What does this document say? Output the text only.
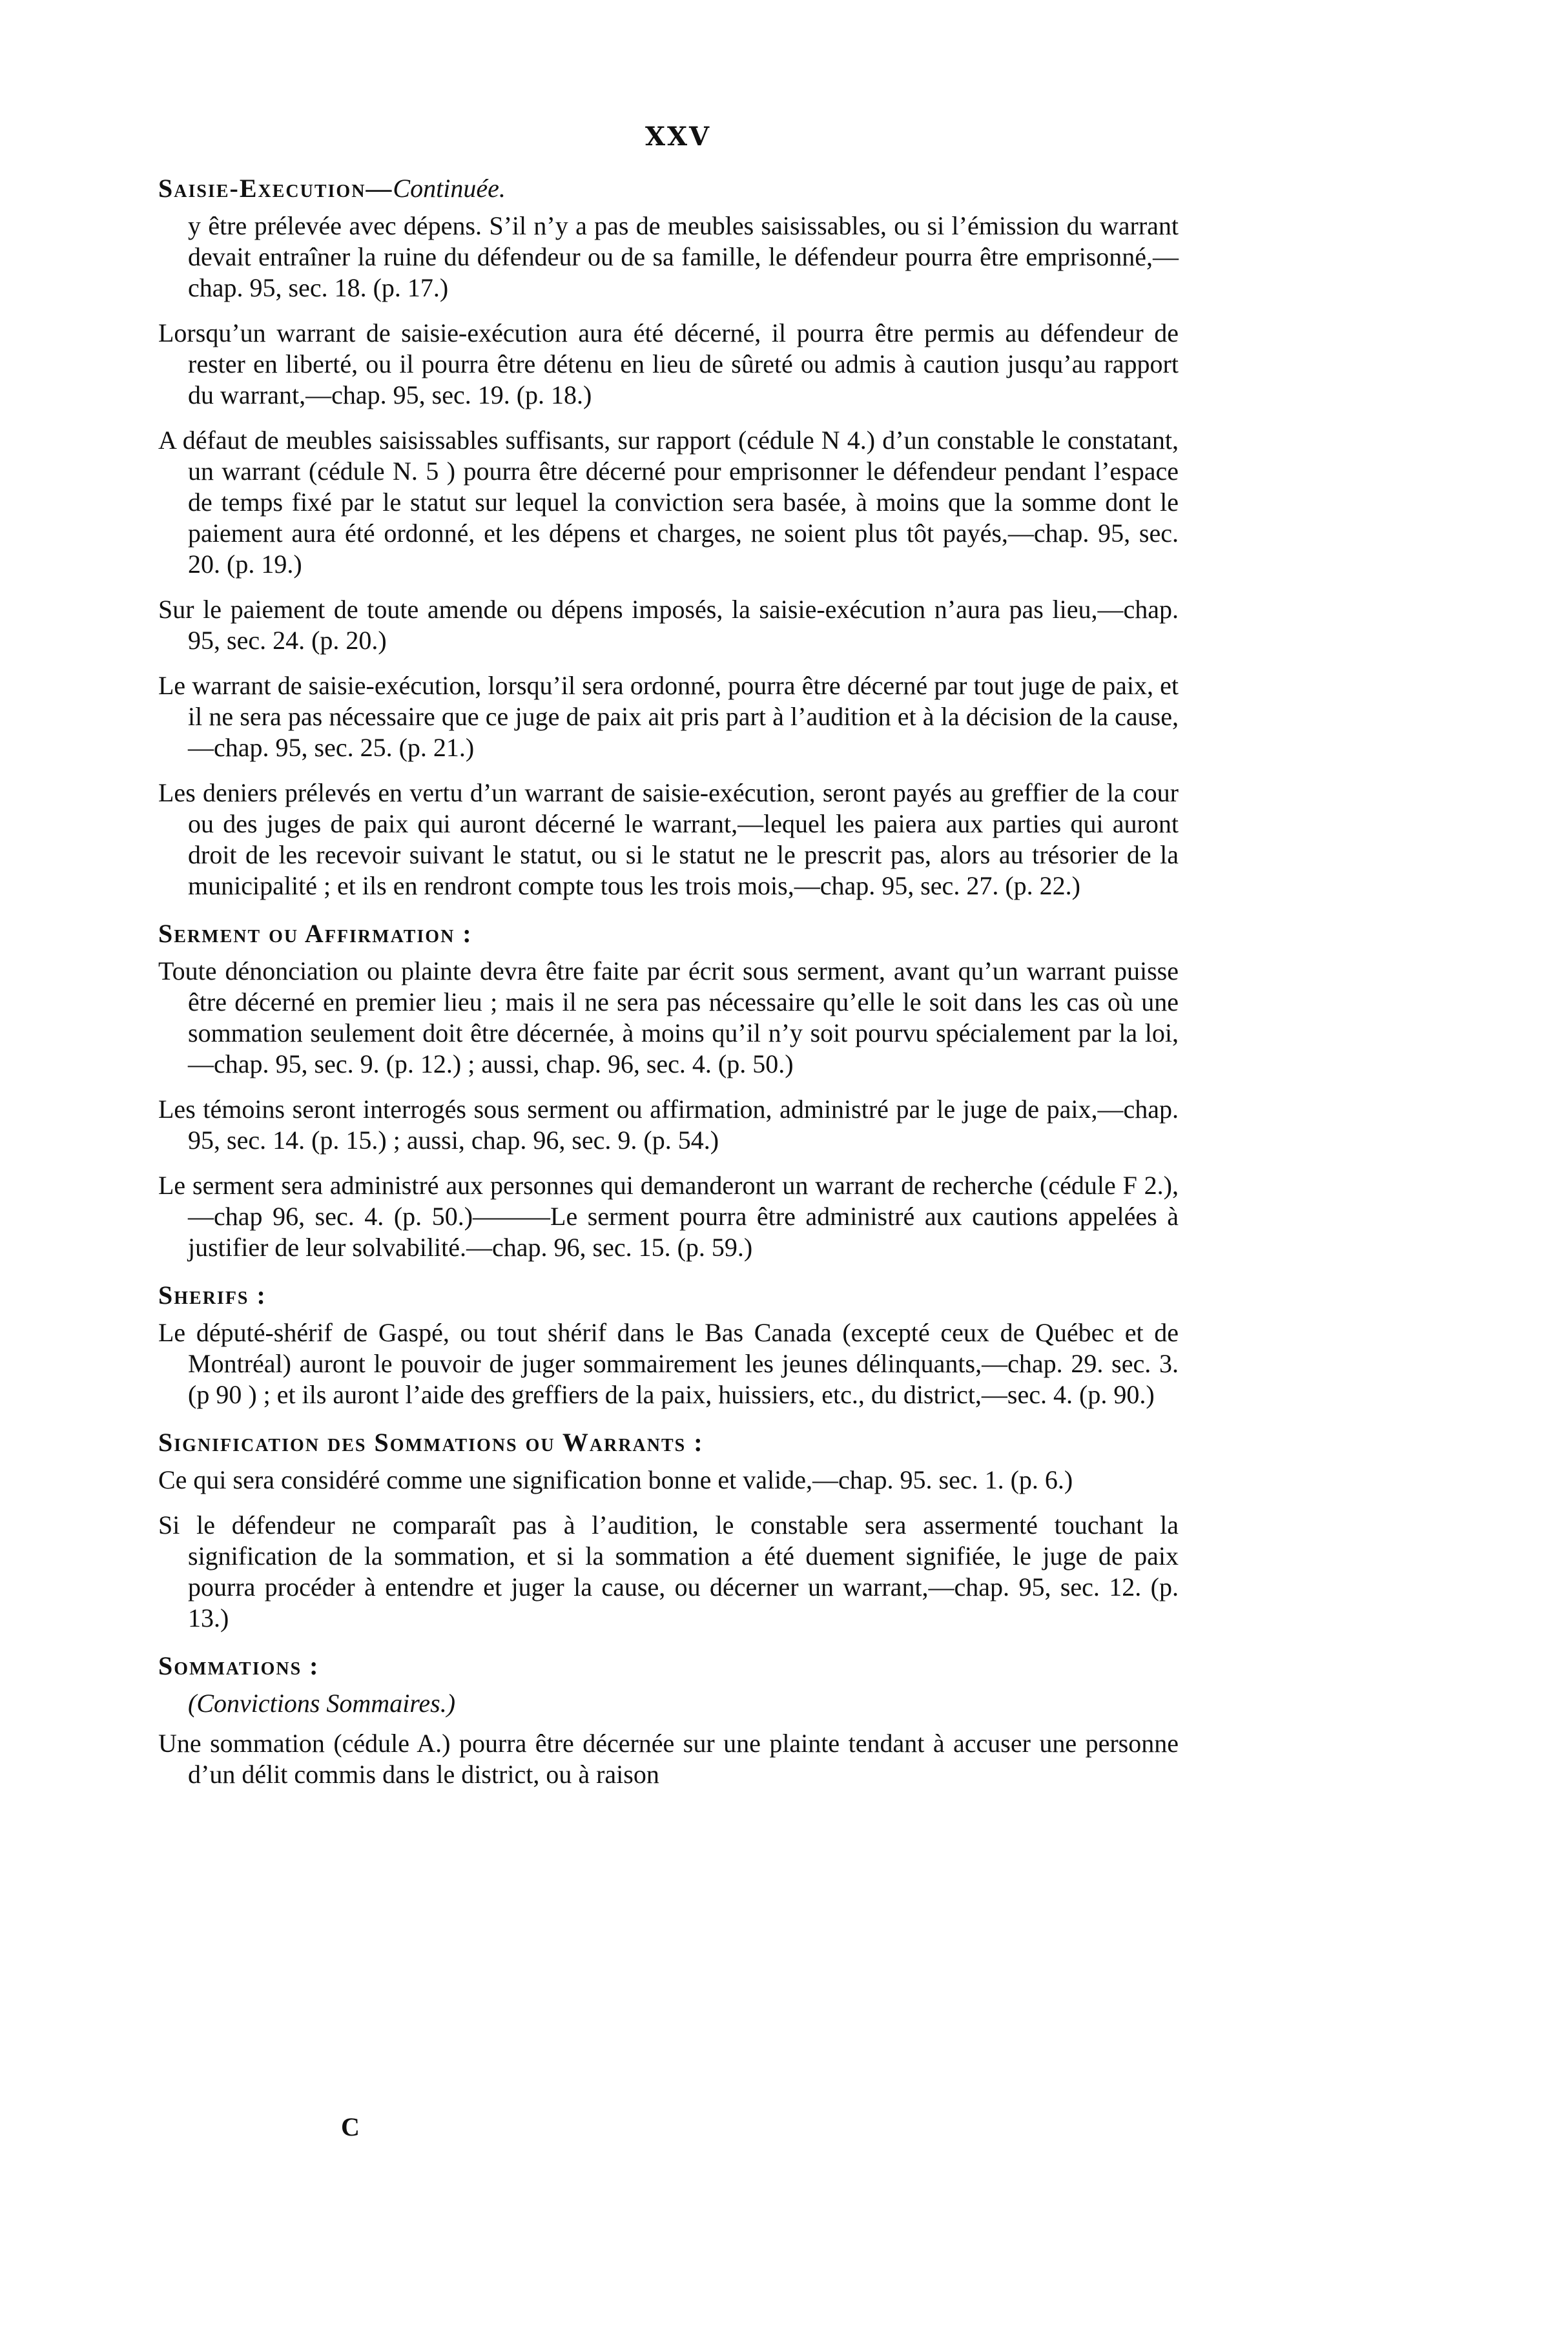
XXV
Saisie-Execution—Continuée.

y être prélevée avec dépens. S’il n’y a pas de meubles saisissables, ou si l’émission du warrant devait entraîner la ruine du défendeur ou de sa famille, le défendeur pourra être emprisonné,—chap. 95, sec. 18. (p. 17.)

Lorsqu’un warrant de saisie-exécution aura été décerné, il pourra être permis au défendeur de rester en liberté, ou il pourra être détenu en lieu de sûreté ou admis à caution jusqu’au rapport du warrant,—chap. 95, sec. 19. (p. 18.)

A défaut de meubles saisissables suffisants, sur rapport (cédule N 4.) d’un constable le constatant, un warrant (cédule N. 5 ) pourra être décerné pour emprisonner le défendeur pendant l’espace de temps fixé par le statut sur lequel la conviction sera basée, à moins que la somme dont le paiement aura été ordonné, et les dépens et charges, ne soient plus tôt payés,—chap. 95, sec. 20. (p. 19.)

Sur le paiement de toute amende ou dépens imposés, la saisie-exécution n’aura pas lieu,—chap. 95, sec. 24. (p. 20.)

Le warrant de saisie-exécution, lorsqu’il sera ordonné, pourra être décerné par tout juge de paix, et il ne sera pas nécessaire que ce juge de paix ait pris part à l’audition et à la décision de la cause,—chap. 95, sec. 25. (p. 21.)

Les deniers prélevés en vertu d’un warrant de saisie-exécution, seront payés au greffier de la cour ou des juges de paix qui auront décerné le warrant,—lequel les paiera aux parties qui auront droit de les recevoir suivant le statut, ou si le statut ne le prescrit pas, alors au trésorier de la municipalité ; et ils en rendront compte tous les trois mois,—chap. 95, sec. 27. (p. 22.)

Serment ou Affirmation :

Toute dénonciation ou plainte devra être faite par écrit sous serment, avant qu’un warrant puisse être décerné en premier lieu ; mais il ne sera pas nécessaire qu’elle le soit dans les cas où une sommation seulement doit être décernée, à moins qu’il n’y soit pourvu spécialement par la loi,—chap. 95, sec. 9. (p. 12.) ; aussi, chap. 96, sec. 4. (p. 50.)

Les témoins seront interrogés sous serment ou affirmation, administré par le juge de paix,—chap. 95, sec. 14. (p. 15.) ; aussi, chap. 96, sec. 9. (p. 54.)

Le serment sera administré aux personnes qui demanderont un warrant de recherche (cédule F 2.),—chap 96, sec. 4. (p. 50.)———Le serment pourra être administré aux cautions appelées à justifier de leur solvabilité.—chap. 96, sec. 15. (p. 59.)

Sherifs :

Le député-shérif de Gaspé, ou tout shérif dans le Bas Canada (excepté ceux de Québec et de Montréal) auront le pouvoir de juger sommairement les jeunes délinquants,—chap. 29. sec. 3. (p 90 ) ; et ils auront l’aide des greffiers de la paix, huissiers, etc., du district,—sec. 4. (p. 90.)

Signification des Sommations ou Warrants :

Ce qui sera considéré comme une signification bonne et valide,—chap. 95. sec. 1. (p. 6.)

Si le défendeur ne comparaît pas à l’audition, le constable sera assermenté touchant la signification de la sommation, et si la sommation a été duement signifiée, le juge de paix pourra procéder à entendre et juger la cause, ou décerner un warrant,—chap. 95, sec. 12. (p. 13.)

Sommations :
(Convictions Sommaires.)

Une sommation (cédule A.) pourra être décernée sur une plainte tendant à accuser une personne d’un délit commis dans le district, ou à raison

C
